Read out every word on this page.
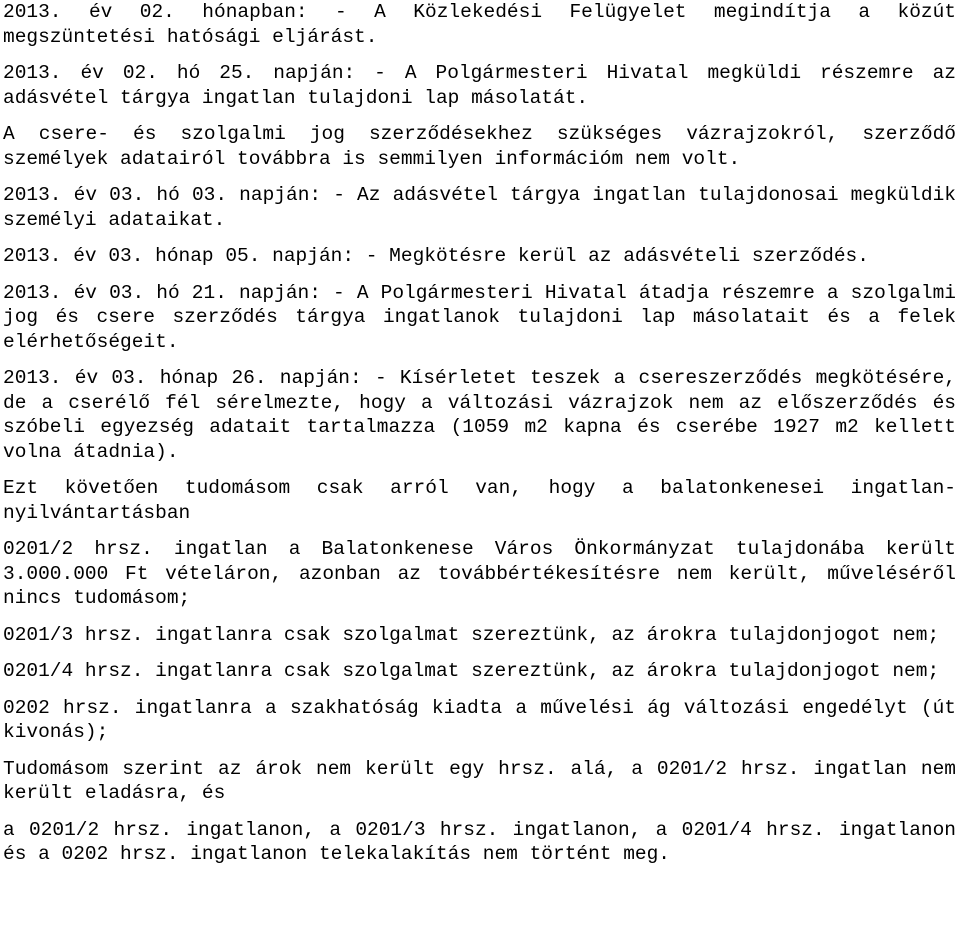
2013. év 02. hónapban: - A Közlekedési Felügyelet megindítja a közút megszüntetési hatósági eljárást.

2013. év 02. hó 25. napján: - A Polgármesteri Hivatal megküldi részemre az adásvétel tárgya ingatlan tulajdoni lap másolatát.

A csere- és szolgalmi jog szerződésekhez szükséges vázrajzokról, szerződő személyek adatairól továbbra is semmilyen információm nem volt.

2013. év 03. hó 03. napján: - Az adásvétel tárgya ingatlan tulajdonosai megküldik személyi adataikat.

2013. év 03. hónap 05. napján: - Megkötésre kerül az adásvételi szerződés.

2013. év 03. hó 21. napján: - A Polgármesteri Hivatal átadja részemre a szolgalmi jog és csere szerződés tárgya ingatlanok tulajdoni lap másolatait és a felek elérhetőségeit.

2013. év 03. hónap 26. napján: - Kísérletet teszek a csereszerződés megkötésére, de a cserélő fél sérelmezte, hogy a változási vázrajzok nem az előszerződés és szóbeli egyezség adatait tartalmazza (1059 m2 kapna és cserébe 1927 m2 kellett volna átadnia).

Ezt követően tudomásom csak arról van, hogy a balatonkenesei ingatlan-nyilvántartásban

0201/2 hrsz. ingatlan a Balatonkenese Város Önkormányzat tulajdonába került 3.000.000 Ft vételáron, azonban az továbbértékesítésre nem került, műveléséről nincs tudomásom;

0201/3 hrsz. ingatlanra csak szolgalmat szereztünk, az árokra tulajdonjogot nem;

0201/4 hrsz. ingatlanra csak szolgalmat szereztünk, az árokra tulajdonjogot nem;

0202 hrsz. ingatlanra a szakhatóság kiadta a művelési ág változási engedélyt (út kivonás);

Tudomásom szerint az árok nem került egy hrsz. alá, a 0201/2 hrsz. ingatlan nem került eladásra, és

a 0201/2 hrsz. ingatlanon, a 0201/3 hrsz. ingatlanon, a 0201/4 hrsz. ingatlanon és a 0202 hrsz. ingatlanon telekalakítás nem történt meg.
